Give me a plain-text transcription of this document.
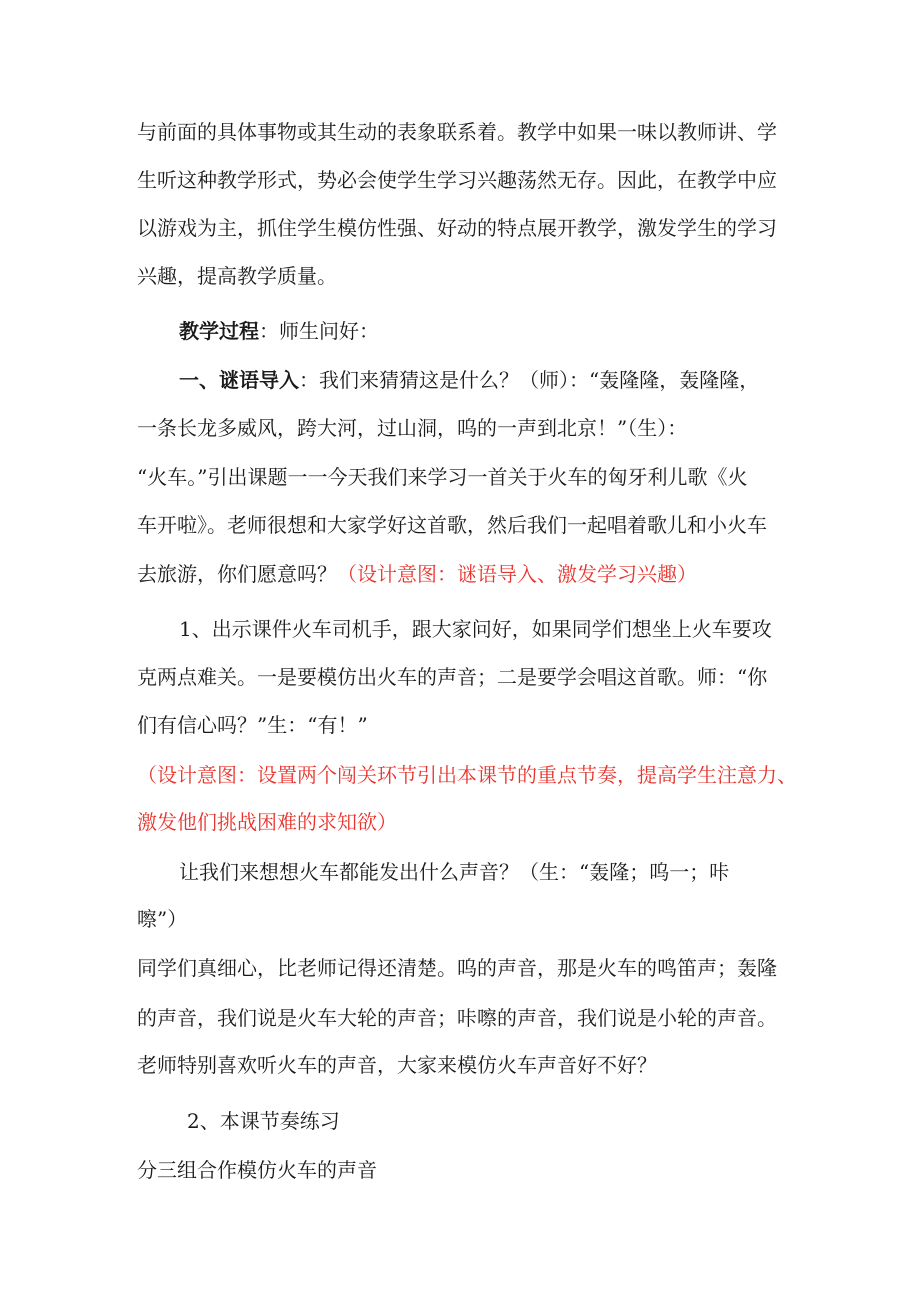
与前面的具体事物或其生动的表象联系着。教学中如果一味以教师讲、学
生听这种教学形式，势必会使学生学习兴趣荡然无存。因此，在教学中应
以游戏为主，抓住学生模仿性强、好动的特点展开教学，激发学生的学习
兴趣，提高教学质量。
教学过程：师生问好：
一、谜语导入：我们来猜猜这是什么？（师）：“轰隆隆，轰隆隆，
一条长龙多威风，跨大河，过山洞，呜的一声到北京！”（生）：
“火车。”引出课题一一今天我们来学习一首关于火车的匈牙利儿歌《火
车开啦》。老师很想和大家学好这首歌，然后我们一起唱着歌儿和小火车
去旅游，你们愿意吗？（设计意图：谜语导入、激发学习兴趣）
1、出示课件火车司机手，跟大家问好，如果同学们想坐上火车要攻
克两点难关。一是要模仿出火车的声音；二是要学会唱这首歌。师：“你
们有信心吗？”生：“有！”
（设计意图：设置两个闯关环节引出本课节的重点节奏，提高学生注意力、
激发他们挑战困难的求知欲）
让我们来想想火车都能发出什么声音？（生：“轰隆；呜一；咔
嚓”）
同学们真细心，比老师记得还清楚。呜的声音，那是火车的鸣笛声；轰隆
的声音，我们说是火车大轮的声音；咔嚓的声音，我们说是小轮的声音。
老师特别喜欢听火车的声音，大家来模仿火车声音好不好？
2、本课节奏练习
分三组合作模仿火车的声音
